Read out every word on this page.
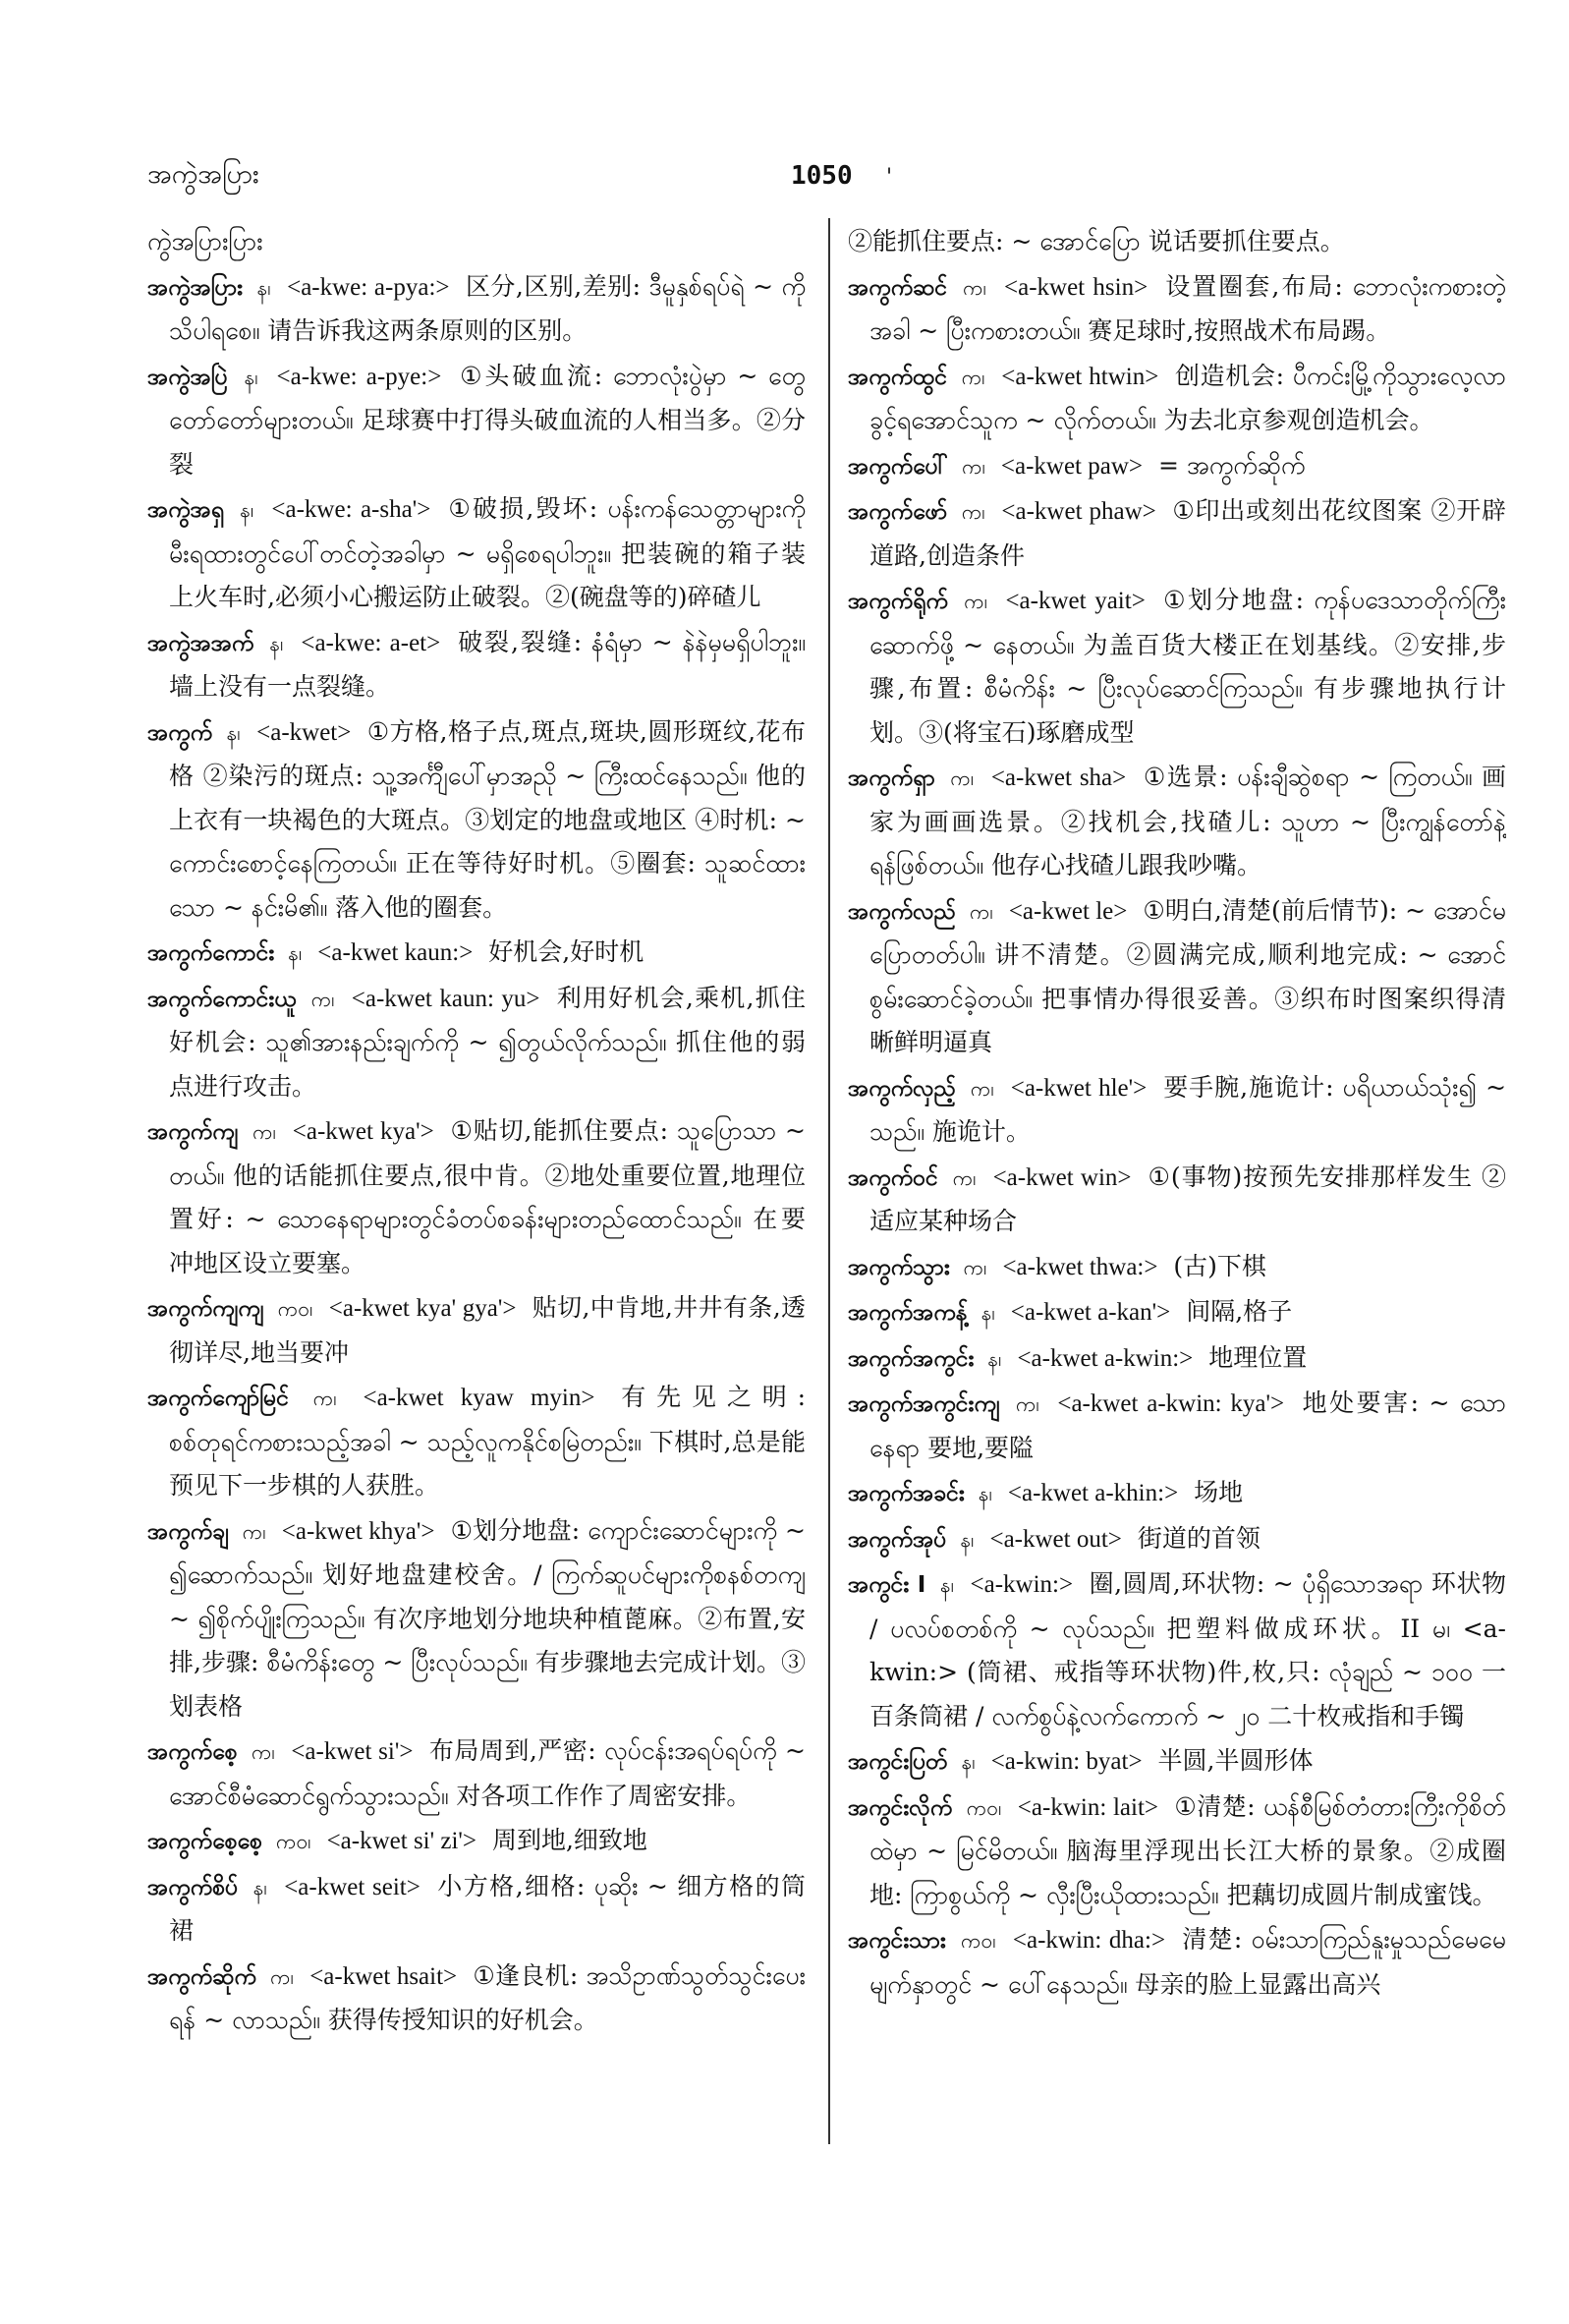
အကွဲအပြား	1050 '

ကွဲအပြားပြား

အကွဲအပြား န၊ <a-kwe: a-pya:> 区分,区别,差别: ဒီမူနှစ်ရပ်ရဲ ~ ကိုသိပါရစေ။ 请告诉我这两条原则的区别。

အကွဲအပြဲ န၊ <a-kwe: a-pye:> ①头破血流: ဘောလုံးပွဲမှာ ~ တွေတော်တော်များတယ်။ 足球赛中打得头破血流的人相当多。②分裂

အကွဲအရှ န၊ <a-kwe: a-sha'> ①破损,毁坏: ပန်းကန်သေတ္တာများကိုမီးရထားတွင်ပေါ်တင်တဲ့အခါမှာ ~ မရှိစေရပါဘူး။ 把装碗的箱子装上火车时,必须小心搬运防止破裂。②(碗盘等的)碎碴儿

အကွဲအအက် န၊ <a-kwe: a-et> 破裂,裂缝: နံရံမှာ ~ နဲနဲမှမရှိပါဘူး။ 墙上没有一点裂缝。

အကွက် န၊ <a-kwet> ①方格,格子点,斑点,斑块,圆形斑纹,花布格 ②染污的斑点: သူ့အင်္ကျီပေါ်မှာအညို ~ ကြီးထင်နေသည်။ 他的上衣有一块褐色的大斑点。③划定的地盘或地区 ④时机: ~ ကောင်းစောင့်နေကြတယ်။ 正在等待好时机。⑤圈套: သူဆင်ထားသော ~ နင်းမိ၏။ 落入他的圈套。

အကွက်ကောင်း န၊ <a-kwet kaun:> 好机会,好时机

အကွက်ကောင်းယူ က၊ <a-kwet kaun: yu> 利用好机会,乘机,抓住好机会: သူ၏အားနည်းချက်ကို ~ ၍တွယ်လိုက်သည်။ 抓住他的弱点进行攻击。

အကွက်ကျ က၊ <a-kwet kya'> ①贴切,能抓住要点: သူပြောသာ ~ တယ်။ 他的话能抓住要点,很中肯。②地处重要位置,地理位置好: ~ သောနေရာများတွင်ခံတပ်စခန်းများတည်ထောင်သည်။ 在要冲地区设立要塞。

အကွက်ကျကျ က၀၊ <a-kwet kya' gya'> 贴切,中肯地,井井有条,透彻详尽,地当要冲

အကွက်ကျော်မြင် က၊ <a-kwet kyaw myin> 有先见之明: စစ်တုရင်ကစားသည့်အခါ ~ သည့်လူကနိုင်စမြဲတည်း။ 下棋时,总是能预见下一步棋的人获胜。

အကွက်ချ က၊ <a-kwet khya'> ①划分地盘: ကျောင်းဆောင်များကို ~ ၍ဆောက်သည်။ 划好地盘建校舍。/ ကြက်ဆူပင်များကိုစနစ်တကျ ~ ၍စိုက်ပျိုးကြသည်။ 有次序地划分地块种植蓖麻。②布置,安排,步骤: စီမံကိန်းတွေ ~ ပြီးလုပ်သည်။ 有步骤地去完成计划。③划表格

အကွက်စေ့ က၊ <a-kwet si'> 布局周到,严密: လုပ်ငန်းအရပ်ရပ်ကို ~ အောင်စီမံဆောင်ရွက်သွားသည်။ 对各项工作作了周密安排。

အကွက်စေ့စေ့ က၀၊ <a-kwet si' zi'> 周到地,细致地

အကွက်စိပ် န၊ <a-kwet seit> 小方格,细格: ပုဆိုး ~ 细方格的筒裙

အကွက်ဆိုက် က၊ <a-kwet hsait> ①逢良机: အသိဥာဏ်သွတ်သွင်းပေးရန် ~ လာသည်။ 获得传授知识的好机会。

②能抓住要点: ~ အောင်ပြော 说话要抓住要点。

အကွက်ဆင် က၊ <a-kwet hsin> 设置圈套,布局: ဘောလုံးကစားတဲ့အခါ ~ ပြီးကစားတယ်။ 赛足球时,按照战术布局踢。

အကွက်ထွင် က၊ <a-kwet htwin> 创造机会: ပီကင်းမြို့ကိုသွားလေ့လာခွင့်ရအောင်သူက ~ လိုက်တယ်။ 为去北京参观创造机会。

အကွက်ပေါ် က၊ <a-kwet paw> = အကွက်ဆိုက်

အကွက်ဖော် က၊ <a-kwet phaw> ①印出或刻出花纹图案 ②开辟道路,创造条件

အကွက်ရိုက် က၊ <a-kwet yait> ①划分地盘: ကုန်ပဒေသာတိုက်ကြီးဆောက်ဖို့ ~ နေတယ်။ 为盖百货大楼正在划基线。②安排,步骤,布置: စီမံကိန်း ~ ပြီးလုပ်ဆောင်ကြသည်။ 有步骤地执行计划。③(将宝石)琢磨成型

အကွက်ရှာ က၊ <a-kwet sha> ①选景: ပန်းချီဆွဲစရာ ~ ကြတယ်။ 画家为画画选景。②找机会,找碴儿: သူဟာ ~ ပြီးကျွန်တော်နဲ့ရန်ဖြစ်တယ်။ 他存心找碴儿跟我吵嘴。

အကွက်လည် က၊ <a-kwet le> ①明白,清楚(前后情节): ~ အောင်မပြောတတ်ပါ။ 讲不清楚。②圆满完成,顺利地完成: ~ အောင်စွမ်းဆောင်ခဲ့တယ်။ 把事情办得很妥善。③织布时图案织得清晰鲜明逼真

အကွက်လှည့် က၊ <a-kwet hle'> 要手腕,施诡计: ပရိယာယ်သုံး၍ ~ သည်။ 施诡计。

အကွက်ဝင် က၊ <a-kwet win> ①(事物)按预先安排那样发生 ②适应某种场合

အကွက်သွား က၊ <a-kwet thwa:> (古)下棋

အကွက်အကန့် န၊ <a-kwet a-kan'> 间隔,格子

အကွက်အကွင်း န၊ <a-kwet a-kwin:> 地理位置

အကွက်အကွင်းကျ က၊ <a-kwet a-kwin: kya'> 地处要害: ~ သောနေရာ 要地,要隘

အကွက်အခင်း န၊ <a-kwet a-khin:> 场地

အကွက်အုပ် န၊ <a-kwet out> 街道的首领

အကွင်း I န၊ <a-kwin:> 圈,圆周,环状物: ~ ပုံရှိသောအရာ 环状物 / ပလပ်စတစ်ကို ~ လုပ်သည်။ 把塑料做成环状。II မ၊ <a-kwin:> (筒裙、戒指等环状物)件,枚,只: လုံချည် ~ ၁၀၀ 一百条筒裙 / လက်စွပ်နဲ့လက်ကောက် ~ ၂၀ 二十枚戒指和手镯

အကွင်းပြတ် န၊ <a-kwin: byat> 半圆,半圆形体

အကွင်းလိုက် က၀၊ <a-kwin: lait> ①清楚: ယန်စီမြစ်တံတားကြီးကိုစိတ်ထဲမှာ ~ မြင်မိတယ်။ 脑海里浮现出长江大桥的景象。②成圈地: ကြာစွယ်ကို ~ လှီးပြီးယိုထားသည်။ 把藕切成圆片制成蜜饯。

အကွင်းသား က၀၊ <a-kwin: dha:> 清楚: ဝမ်းသာကြည်နူးမှုသည်မေမေမျက်နှာတွင် ~ ပေါ်နေသည်။ 母亲的脸上显露出高兴
